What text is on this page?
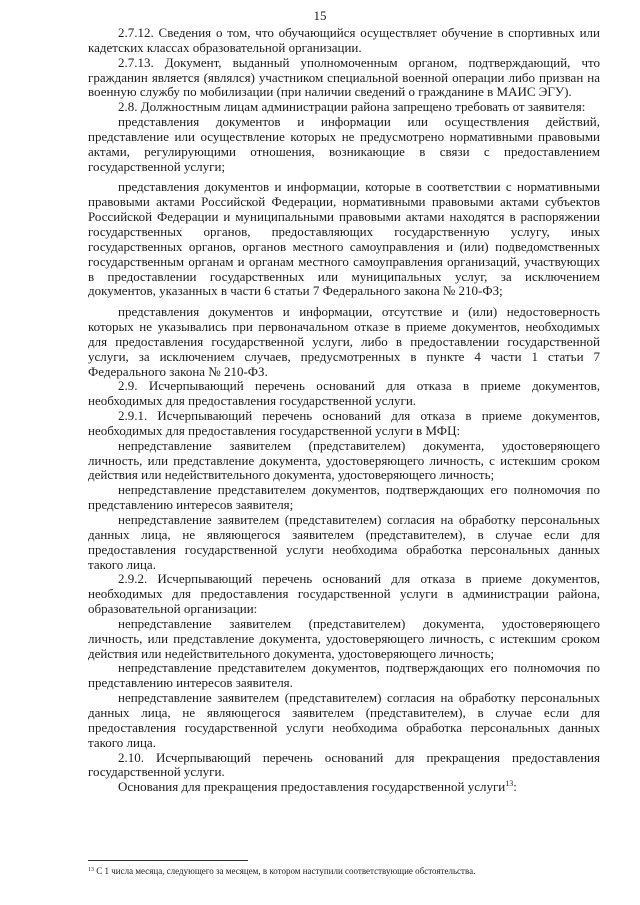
15

2.7.12. Сведения о том, что обучающийся осуществляет обучение в спортивных или кадетских классах образовательной организации.

2.7.13. Документ, выданный уполномоченным органом, подтверждающий, что гражданин является (являлся) участником специальной военной операции либо призван на военную службу по мобилизации (при наличии сведений о гражданине в МАИС ЭГУ).

2.8. Должностным лицам администрации района запрещено требовать от заявителя:

представления документов и информации или осуществления действий, представление или осуществление которых не предусмотрено нормативными правовыми актами, регулирующими отношения, возникающие в связи с предоставлением государственной услуги;

представления документов и информации, которые в соответствии с нормативными правовыми актами Российской Федерации, нормативными правовыми актами субъектов Российской Федерации и муниципальными правовыми актами находятся в распоряжении государственных органов, предоставляющих государственную услугу, иных государственных органов, органов местного самоуправления и (или) подведомственных государственным органам и органам местного самоуправления организаций, участвующих в предоставлении государственных или муниципальных услуг, за исключением документов, указанных в части 6 статьи 7 Федерального закона № 210-ФЗ;

представления документов и информации, отсутствие и (или) недостоверность которых не указывались при первоначальном отказе в приеме документов, необходимых для предоставления государственной услуги, либо в предоставлении государственной услуги, за исключением случаев, предусмотренных в пункте 4 части 1 статьи 7 Федерального закона № 210-ФЗ.

2.9. Исчерпывающий перечень оснований для отказа в приеме документов, необходимых для предоставления государственной услуги.

2.9.1. Исчерпывающий перечень оснований для отказа в приеме документов, необходимых для предоставления государственной услуги в МФЦ:

непредставление заявителем (представителем) документа, удостоверяющего личность, или представление документа, удостоверяющего личность, с истекшим сроком действия или недействительного документа, удостоверяющего личность;

непредставление представителем документов, подтверждающих его полномочия по представлению интересов заявителя;

непредставление заявителем (представителем) согласия на обработку персональных данных лица, не являющегося заявителем (представителем), в случае если для предоставления государственной услуги необходима обработка персональных данных такого лица.

2.9.2. Исчерпывающий перечень оснований для отказа в приеме документов, необходимых для предоставления государственной услуги в администрации района, образовательной организации:

непредставление заявителем (представителем) документа, удостоверяющего личность, или представление документа, удостоверяющего личность, с истекшим сроком действия или недействительного документа, удостоверяющего личность;

непредставление представителем документов, подтверждающих его полномочия по представлению интересов заявителя.

непредставление заявителем (представителем) согласия на обработку персональных данных лица, не являющегося заявителем (представителем), в случае если для предоставления государственной услуги необходима обработка персональных данных такого лица.

2.10. Исчерпывающий перечень оснований для прекращения предоставления государственной услуги.

Основания для прекращения предоставления государственной услуги$^{13}$:

$^{13}$ С 1 числа месяца, следующего за месяцем, в котором наступили соответствующие обстоятельства.
